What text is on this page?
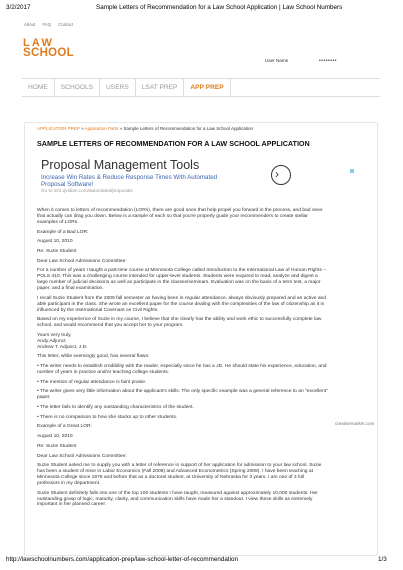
3/2/2017	Sample Letters of Recommendation for a Law School Application | Law School Numbers
About FAQ Contact
LAW
SCHOOL
User Name	••••••••
HOME	SCHOOLS	USERS	LSAT PREP	APP PREP
APPLICATION PREP » Application Parts » Sample Letters of Recommendation for a Law School Application
SAMPLE LETTERS OF RECOMMENDATION FOR A LAW SCHOOL APPLICATION
Proposal Management Tools
Increase Win Rates & Reduce Response Times With Automated Proposal Software!
Go to info.qvidian.com/automated/proposals
›
creativemarket.com

When it comes to letters of recommendation (LORs), there are good ones that help propel you forward in the process, and bad ones that actually can drag you down. Below is a sample of each so that you're properly guide your recommenders to create stellar examples of LORs.

Example of a Bad LOR:

August 10, 2010

Re: Suzie Student

Dear Law School Admissions Committee:

For a number of years I taught a part-time course at Minnesota College called Introduction to the International Law of Human Rights – POLS 410. This was a challenging course intended for upper-level students. Students were required to read, analyze and digest a large number of judicial decisions as well as participate in the classes/seminars. Evaluation was on the basis of a term test, a major paper, and a final examination.

I recall Suzie Student from the 2009 fall semester as having been in regular attendance, always obviously prepared and an active and able participant in the class. She wrote an excellent paper for the course dealing with the complexities of the law of citizenship as it is influenced by the International Covenant on Civil Rights.

Based on my experience of Suzie in my course, I believe that she clearly has the ability and work ethic to successfully complete law school, and would recommend that you accept her to your program.

Yours very truly,
Andy Adjunct
Andrew T. Adjunct, J.D.

This letter, while seemingly good, has several flaws:

• The writer needs to establish credibility with the reader, especially since he has a JD. He should state his experience, education, and number of years in practice and/or teaching college students.
• The mention of regular attendance is faint praise.
• The writer gives very little information about the applicant's skills. The only specific example was a general reference to an "excellent" paper.
• The letter fails to identify any outstanding characteristics of the student.
• There is no comparison to how she stacks up to other students.

Example of a Great LOR:

August 10, 2010

Re: Suzie Student

Dear Law School Admissions Committee:

Suzie Student asked me to supply you with a letter of reference in support of her application for admission to your law school. Suzie has been a student of mine in Labor Economics (Fall 2008) and Advanced Econometrics (Spring 2009). I have been teaching at Minnesota College since 1976 and before that as a doctoral student, at University of Nebraska for 3 years. I am one of 3 full professors in my department.

Suzie Student definitely falls into one of the top 100 students I have taught, measured against approximately 10,000 students. Her outstanding grasp of logic, maturity, clarity, and communication skills have made her a standout. I view these skills as extremely important in her planned career.

http://lawschoolnumbers.com/application-prep/law-school-letter-of-recommendation	1/3
